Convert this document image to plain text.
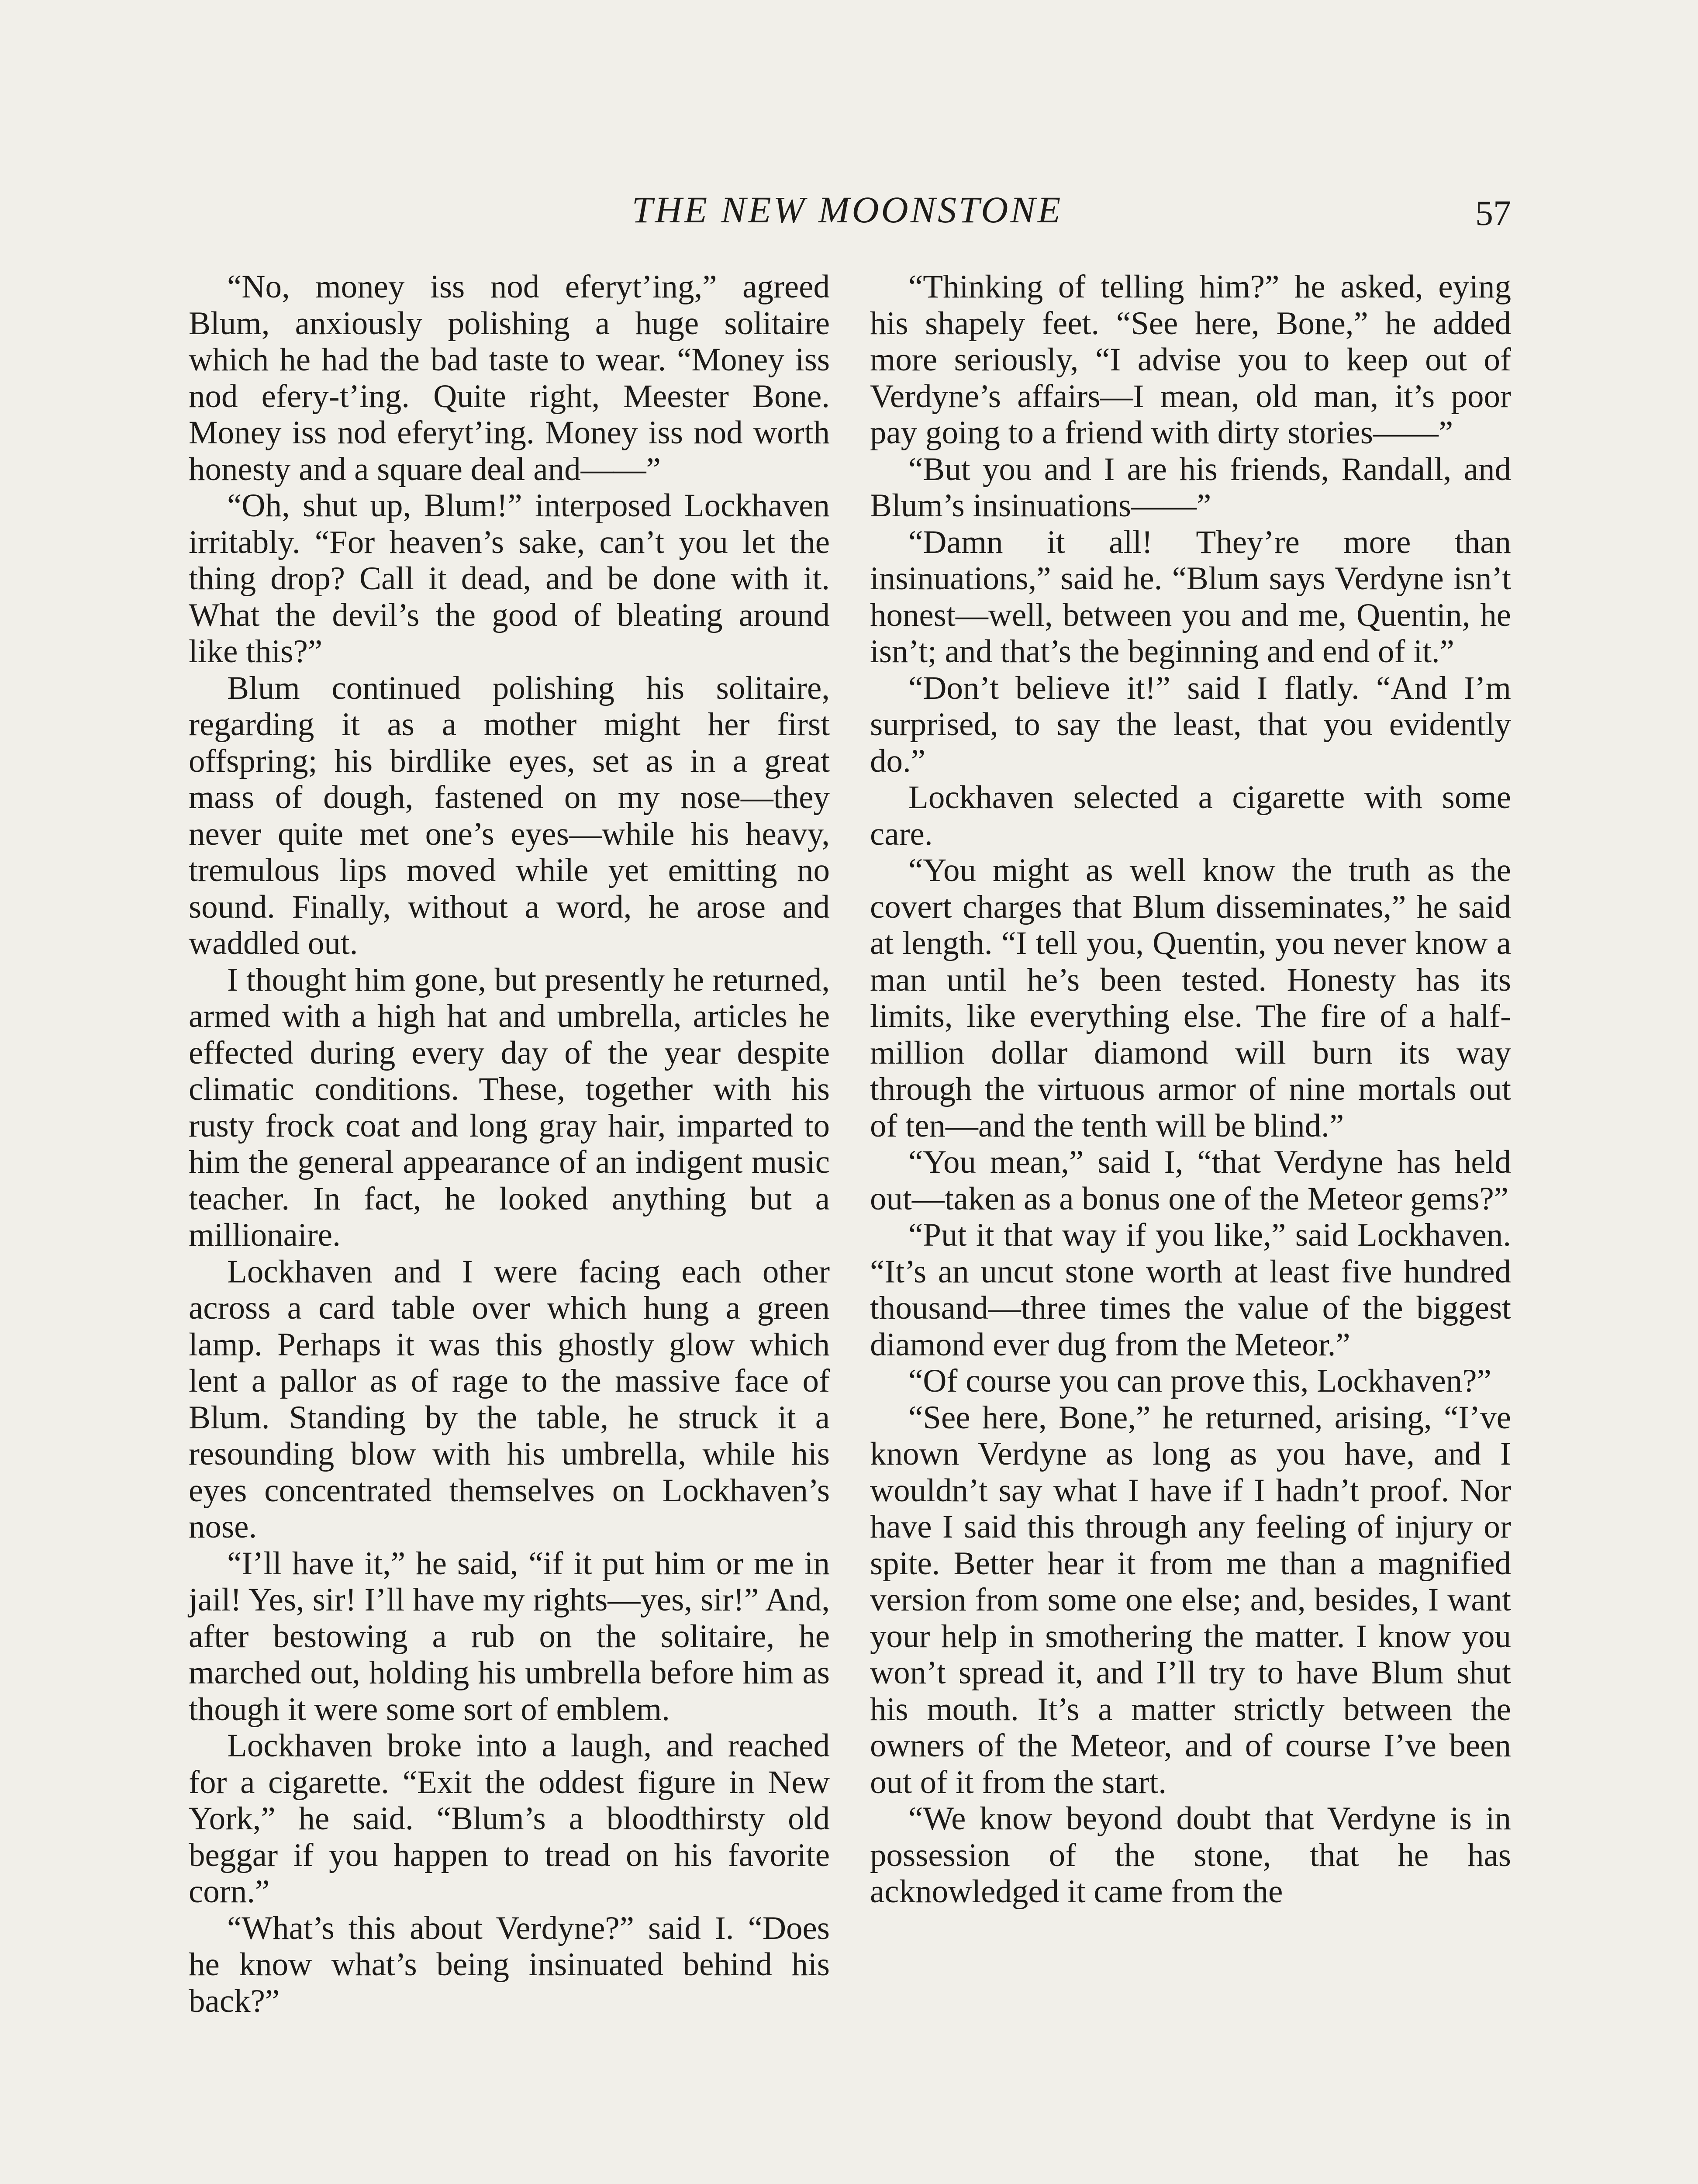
THE NEW MOONSTONE	57

“No, money iss nod eferyt’ing,” agreed Blum, anxiously polishing a huge solitaire which he had the bad taste to wear. “Money iss nod efery-t’ing. Quite right, Meester Bone. Money iss nod eferyt’ing. Money iss nod worth honesty and a square deal and——”

“Oh, shut up, Blum!” interposed Lockhaven irritably. “For heaven’s sake, can’t you let the thing drop? Call it dead, and be done with it. What the devil’s the good of bleating around like this?”

Blum continued polishing his solitaire, regarding it as a mother might her first offspring; his birdlike eyes, set as in a great mass of dough, fastened on my nose—they never quite met one’s eyes—while his heavy, tremulous lips moved while yet emitting no sound. Finally, without a word, he arose and waddled out.

I thought him gone, but presently he returned, armed with a high hat and umbrella, articles he effected during every day of the year despite climatic conditions. These, together with his rusty frock coat and long gray hair, imparted to him the general appearance of an indigent music teacher. In fact, he looked anything but a millionaire.

Lockhaven and I were facing each other across a card table over which hung a green lamp. Perhaps it was this ghostly glow which lent a pallor as of rage to the massive face of Blum. Standing by the table, he struck it a resounding blow with his umbrella, while his eyes concentrated themselves on Lockhaven’s nose.

“I’ll have it,” he said, “if it put him or me in jail! Yes, sir! I’ll have my rights—yes, sir!” And, after bestowing a rub on the solitaire, he marched out, holding his umbrella before him as though it were some sort of emblem.

Lockhaven broke into a laugh, and reached for a cigarette. “Exit the oddest figure in New York,” he said. “Blum’s a bloodthirsty old beggar if you happen to tread on his favorite corn.”

“What’s this about Verdyne?” said I. “Does he know what’s being insinuated behind his back?”

“Thinking of telling him?” he asked, eying his shapely feet. “See here, Bone,” he added more seriously, “I advise you to keep out of Verdyne’s affairs—I mean, old man, it’s poor pay going to a friend with dirty stories——”

“But you and I are his friends, Randall, and Blum’s insinuations——”

“Damn it all! They’re more than insinuations,” said he. “Blum says Verdyne isn’t honest—well, between you and me, Quentin, he isn’t; and that’s the beginning and end of it.”

“Don’t believe it!” said I flatly. “And I’m surprised, to say the least, that you evidently do.”

Lockhaven selected a cigarette with some care.

“You might as well know the truth as the covert charges that Blum disseminates,” he said at length. “I tell you, Quentin, you never know a man until he’s been tested. Honesty has its limits, like everything else. The fire of a half-million dollar diamond will burn its way through the virtuous armor of nine mortals out of ten—and the tenth will be blind.”

“You mean,” said I, “that Verdyne has held out—taken as a bonus one of the Meteor gems?”

“Put it that way if you like,” said Lockhaven. “It’s an uncut stone worth at least five hundred thousand—three times the value of the biggest diamond ever dug from the Meteor.”

“Of course you can prove this, Lockhaven?”

“See here, Bone,” he returned, arising, “I’ve known Verdyne as long as you have, and I wouldn’t say what I have if I hadn’t proof. Nor have I said this through any feeling of injury or spite. Better hear it from me than a magnified version from some one else; and, besides, I want your help in smothering the matter. I know you won’t spread it, and I’ll try to have Blum shut his mouth. It’s a matter strictly between the owners of the Meteor, and of course I’ve been out of it from the start.

“We know beyond doubt that Verdyne is in possession of the stone, that he has acknowledged it came from the
